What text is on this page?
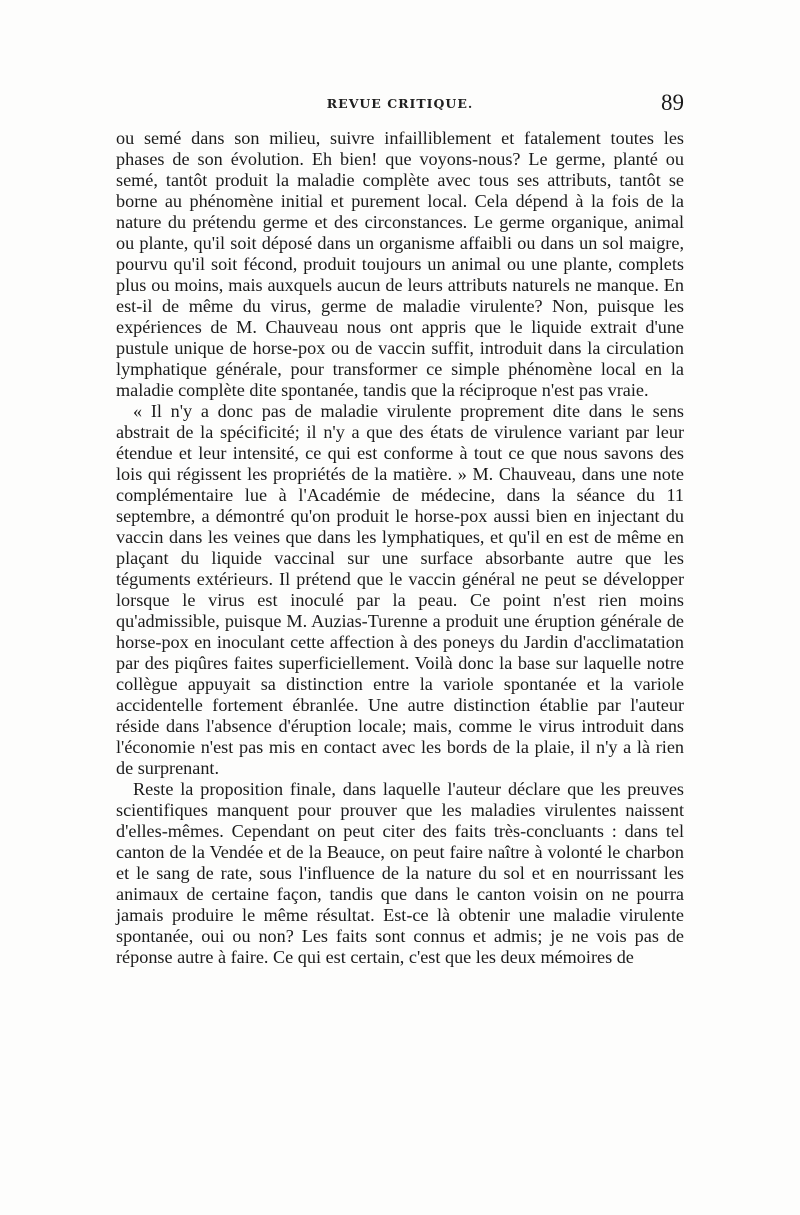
REVUE CRITIQUE.	89

ou semé dans son milieu, suivre infailliblement et fatalement toutes les phases de son évolution. Eh bien! que voyons-nous? Le germe, planté ou semé, tantôt produit la maladie complète avec tous ses attributs, tantôt se borne au phénomène initial et purement local. Cela dépend à la fois de la nature du prétendu germe et des circonstances. Le germe organique, animal ou plante, qu'il soit déposé dans un organisme affaibli ou dans un sol maigre, pourvu qu'il soit fécond, produit toujours un animal ou une plante, complets plus ou moins, mais auxquels aucun de leurs attributs naturels ne manque. En est-il de même du virus, germe de maladie virulente? Non, puisque les expériences de M. Chauveau nous ont appris que le liquide extrait d'une pustule unique de horse-pox ou de vaccin suffit, introduit dans la circulation lymphatique générale, pour transformer ce simple phénomène local en la maladie complète dite spontanée, tandis que la réciproque n'est pas vraie.

« Il n'y a donc pas de maladie virulente proprement dite dans le sens abstrait de la spécificité; il n'y a que des états de virulence variant par leur étendue et leur intensité, ce qui est conforme à tout ce que nous savons des lois qui régissent les propriétés de la matière. » M. Chauveau, dans une note complémentaire lue à l'Académie de médecine, dans la séance du 11 septembre, a démontré qu'on produit le horse-pox aussi bien en injectant du vaccin dans les veines que dans les lymphatiques, et qu'il en est de même en plaçant du liquide vaccinal sur une surface absorbante autre que les téguments extérieurs. Il prétend que le vaccin général ne peut se développer lorsque le virus est inoculé par la peau. Ce point n'est rien moins qu'admissible, puisque M. Auzias-Turenne a produit une éruption générale de horse-pox en inoculant cette affection à des poneys du Jardin d'acclimatation par des piqûres faites superficiellement. Voilà donc la base sur laquelle notre collègue appuyait sa distinction entre la variole spontanée et la variole accidentelle fortement ébranlée. Une autre distinction établie par l'auteur réside dans l'absence d'éruption locale; mais, comme le virus introduit dans l'économie n'est pas mis en contact avec les bords de la plaie, il n'y a là rien de surprenant.

Reste la proposition finale, dans laquelle l'auteur déclare que les preuves scientifiques manquent pour prouver que les maladies virulentes naissent d'elles-mêmes. Cependant on peut citer des faits très-concluants : dans tel canton de la Vendée et de la Beauce, on peut faire naître à volonté le charbon et le sang de rate, sous l'influence de la nature du sol et en nourrissant les animaux de certaine façon, tandis que dans le canton voisin on ne pourra jamais produire le même résultat. Est-ce là obtenir une maladie virulente spontanée, oui ou non? Les faits sont connus et admis; je ne vois pas de réponse autre à faire. Ce qui est certain, c'est que les deux mémoires de
